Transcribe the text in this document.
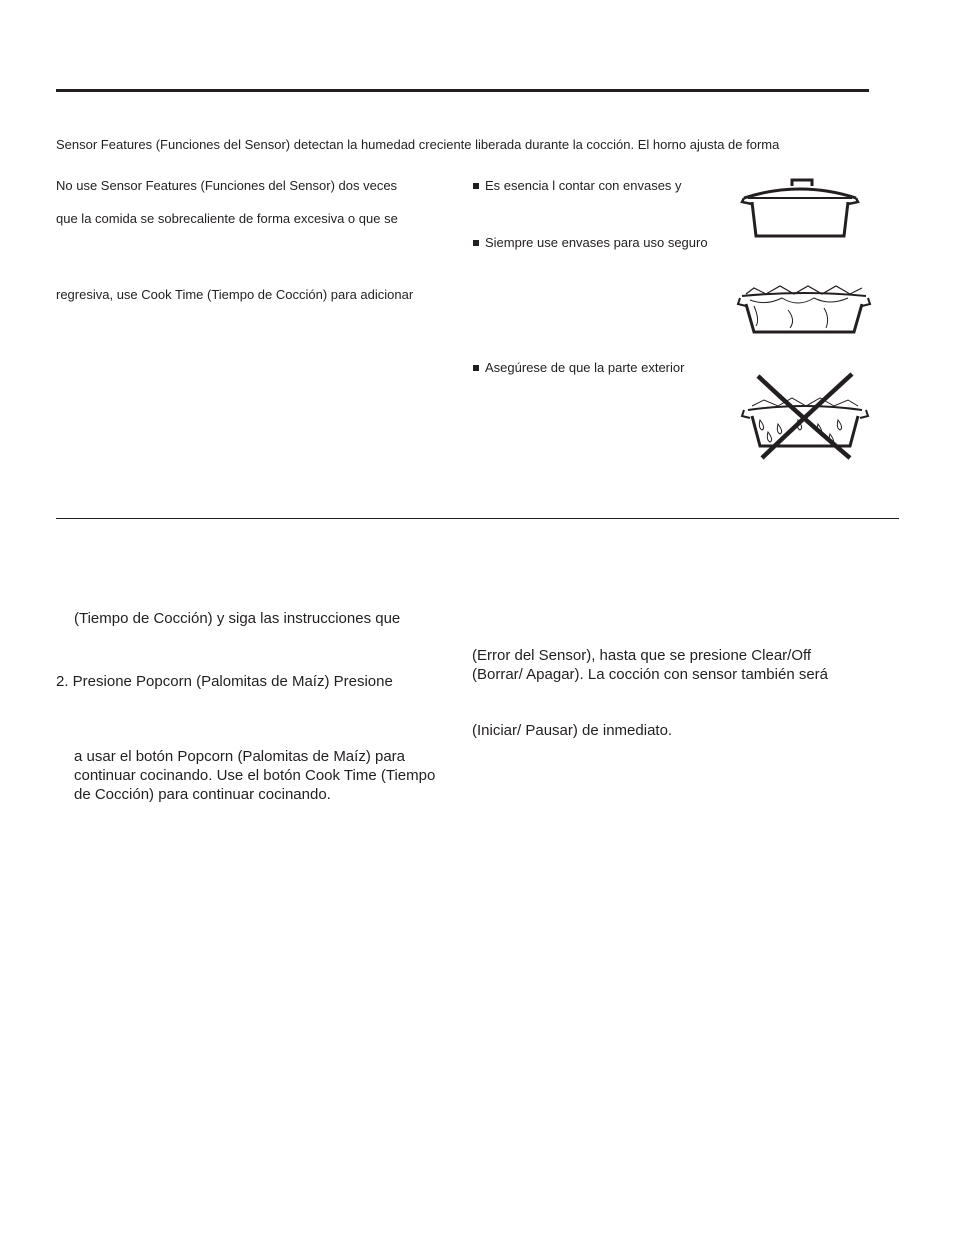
Sensor Features (Funciones del Sensor) detectan la humedad creciente liberada durante la cocción. El horno ajusta de forma
No use Sensor Features (Funciones del Sensor) dos veces
que la comida se sobrecaliente de forma excesiva o que se
regresiva, use Cook Time (Tiempo de Cocción) para adicionar
Es esencia l contar con envases y
Siempre use envases para uso seguro
Asegúrese de que la parte exterior
(Tiempo de Cocción) y siga las instrucciones que
2. Presione Popcorn (Palomitas de Maíz) Presione
a usar el botón Popcorn (Palomitas de Maíz) para
continuar cocinando. Use el botón Cook Time (Tiempo
de Cocción) para continuar cocinando.
(Error del Sensor), hasta que se presione Clear/Off
(Borrar/ Apagar). La cocción con sensor también será
(Iniciar/ Pausar) de inmediato.
